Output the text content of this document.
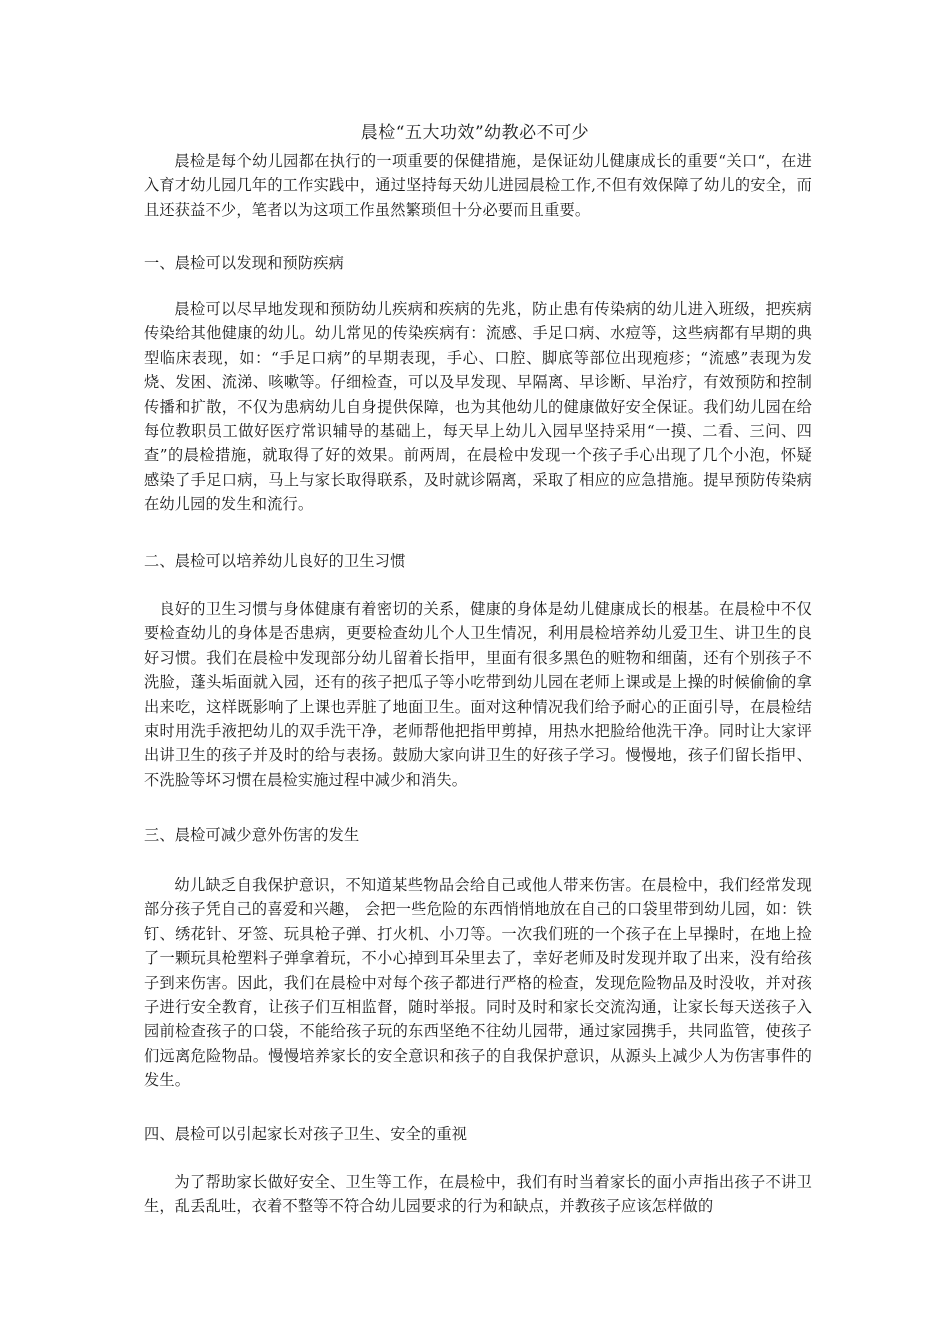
晨检“五大功效”幼教必不可少

晨检是每个幼儿园都在执行的一项重要的保健措施，是保证幼儿健康成长的重要“关口“，在进入育才幼儿园几年的工作实践中，通过坚持每天幼儿进园晨检工作,不但有效保障了幼儿的安全，而且还获益不少，笔者以为这项工作虽然繁琐但十分必要而且重要。

一、晨检可以发现和预防疾病

晨检可以尽早地发现和预防幼儿疾病和疾病的先兆，防止患有传染病的幼儿进入班级，把疾病传染给其他健康的幼儿。幼儿常见的传染疾病有：流感、手足口病、水痘等，这些病都有早期的典型临床表现，如：“手足口病”的早期表现，手心、口腔、脚底等部位出现疱疹；“流感”表现为发烧、发困、流涕、咳嗽等。仔细检查，可以及早发现、早隔离、早诊断、早治疗，有效预防和控制传播和扩散，不仅为患病幼儿自身提供保障，也为其他幼儿的健康做好安全保证。我们幼儿园在给每位教职员工做好医疗常识辅导的基础上，每天早上幼儿入园早坚持采用“一摸、二看、三问、四查”的晨检措施，就取得了好的效果。前两周，在晨检中发现一个孩子手心出现了几个小泡，怀疑感染了手足口病，马上与家长取得联系，及时就诊隔离，采取了相应的应急措施。提早预防传染病在幼儿园的发生和流行。

二、晨检可以培养幼儿良好的卫生习惯

良好的卫生习惯与身体健康有着密切的关系，健康的身体是幼儿健康成长的根基。在晨检中不仅要检查幼儿的身体是否患病，更要检查幼儿个人卫生情况，利用晨检培养幼儿爱卫生、讲卫生的良好习惯。我们在晨检中发现部分幼儿留着长指甲，里面有很多黑色的赃物和细菌，还有个别孩子不洗脸，蓬头垢面就入园，还有的孩子把瓜子等小吃带到幼儿园在老师上课或是上操的时候偷偷的拿出来吃，这样既影响了上课也弄脏了地面卫生。面对这种情况我们给予耐心的正面引导，在晨检结束时用洗手液把幼儿的双手洗干净，老师帮他把指甲剪掉，用热水把脸给他洗干净。同时让大家评出讲卫生的孩子并及时的给与表扬。鼓励大家向讲卫生的好孩子学习。慢慢地，孩子们留长指甲、不洗脸等坏习惯在晨检实施过程中减少和消失。

三、晨检可减少意外伤害的发生

幼儿缺乏自我保护意识，不知道某些物品会给自己或他人带来伤害。在晨检中，我们经常发现部分孩子凭自己的喜爱和兴趣， 会把一些危险的东西悄悄地放在自己的口袋里带到幼儿园，如：铁钉、绣花针、牙签、玩具枪子弹、打火机、小刀等。一次我们班的一个孩子在上早操时，在地上捡了一颗玩具枪塑料子弹拿着玩，不小心掉到耳朵里去了，幸好老师及时发现并取了出来，没有给孩子到来伤害。因此，我们在晨检中对每个孩子都进行严格的检查，发现危险物品及时没收，并对孩子进行安全教育，让孩子们互相监督，随时举报。同时及时和家长交流沟通，让家长每天送孩子入园前检查孩子的口袋，不能给孩子玩的东西坚绝不往幼儿园带，通过家园携手，共同监管，使孩子们远离危险物品。慢慢培养家长的安全意识和孩子的自我保护意识，从源头上减少人为伤害事件的发生。

四、晨检可以引起家长对孩子卫生、安全的重视

为了帮助家长做好安全、卫生等工作，在晨检中，我们有时当着家长的面小声指出孩子不讲卫生，乱丢乱吐，衣着不整等不符合幼儿园要求的行为和缺点，并教孩子应该怎样做的
